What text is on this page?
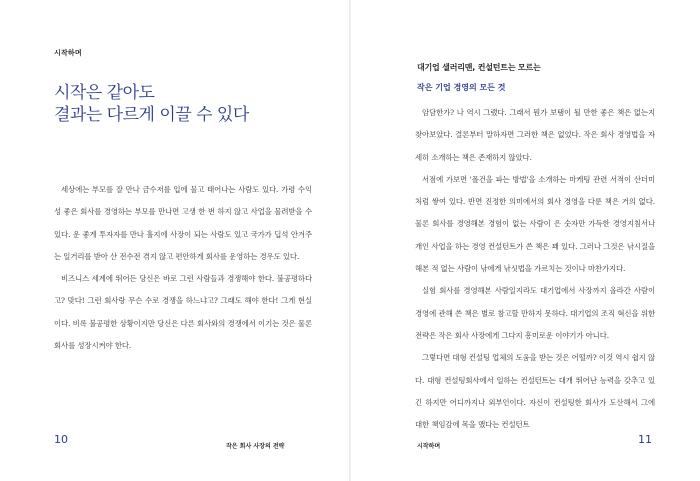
시작하며
시작은 같아도
결과는 다르게 이끌 수 있다

세상에는 부모를 잘 만나 금수저를 입에 물고 태어나는 사람도 있다. 가령 수익성 좋은 회사를 경영하는 부모를 만나면 고생 한 번 하지 않고 사업을 물려받을 수 있다. 운 좋게 투자자를 만나 훌지에 사장이 되는 사람도 있고 국가가 딥석 안겨주는 일거리를 받아 산 전수전 겪지 않고 편안하게 회사를 운영하는 경우도 있다.

비즈니스 세계에 뛰어든 당신은 바로 그런 사람들과 경쟁해야 한다. 불공평하다고? 맞다! 그런 회사랑 무슨 수로 경쟁을 하느냐고? 그래도 해야 한다! 그게 현실이다. 비록 불공평한 상황이지만 당신은 다른 회사와의 경쟁에서 이기는 것은 물론 회사를 성장시켜야 한다.

10
작은 회사 사장의 전략
대기업 샐러리맨, 컨설턴트는 모르는
작은 기업 경영의 모든 것

암담한가? 나 역시 그랬다. 그래서 뭔가 보탬이 될 만한 좋은 책은 없는지 찾아보았다. 결론부터 말하자면 그러한 책은 없었다. 작은 회사 경영법을 자세히 소개하는 책은 존재하지 않았다.

서점에 가보면 '폴건을 파는 방법'을 소개하는 마케팅 관련 서적이 산더미처럼 쌓여 있다. 반면 진정한 의미에서의 회사 경영을 다룬 책은 거의 없다. 물론 회사를 경영해본 경험이 없는 사람이 은 숫자만 가득한 경영지침서나 개인 사업을 하는 경영 컨설턴트가 쓴 책은 꽤 있다. 그러나 그것은 낚시질을 해본 적 없는 사람이 낚에게 낚싯법을 가르치는 것이나 마찬가지다.

실험 회사를 경영해본 사람일지라도 대기업에서 사장까지 올라간 사람이 경영에 관해 쓴 책은 별로 참고할 만하지 못하다. 대기업의 조직 혁신을 위한 전략은 작은 회사 사장에게 그다지 흥미로운 이야기가 아니다.

그렇다면 대형 컨설팅 업체의 도움을 받는 것은 어떨까? 이것 역시 쉽지 않다. 대형 컨설팅회사에서 일하는 컨설턴트는 대개 뛰어난 능력을 갖추고 있긴 하지만 어디까지나 외부인이다. 자신이 컨설팅한 회사가 도산해서 그에 대한 책임감에 목을 맸다는 컨설턴트

시작하며
11
